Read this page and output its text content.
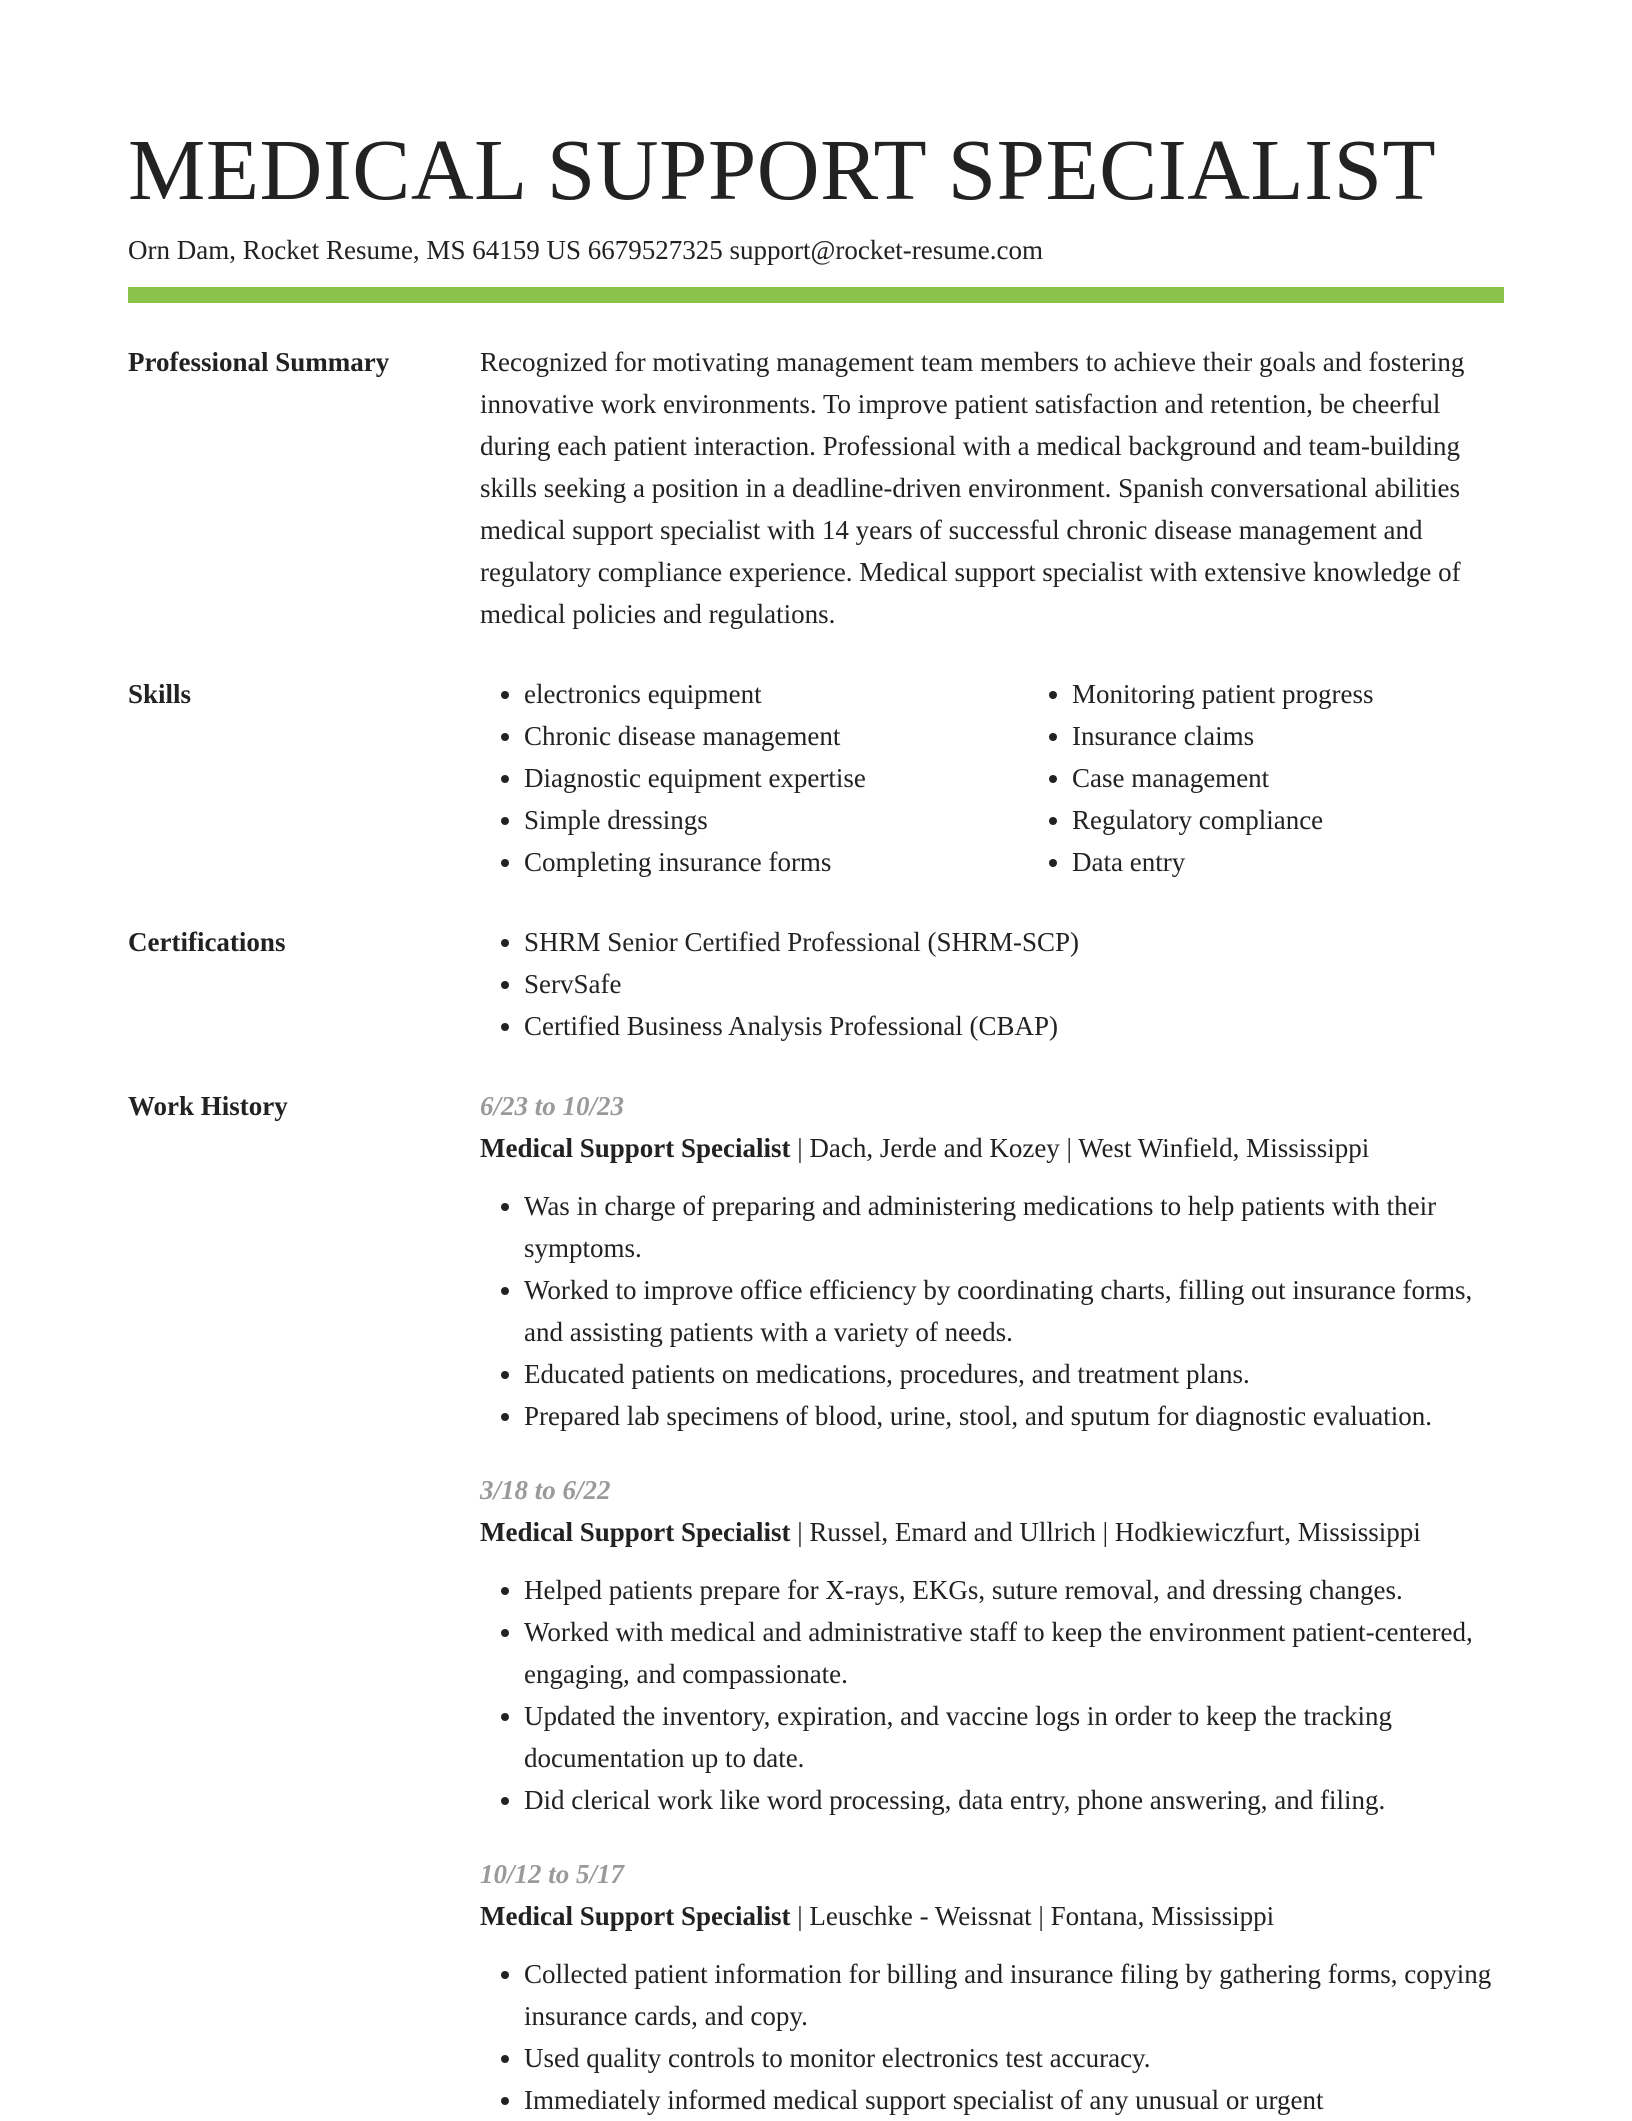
MEDICAL SUPPORT SPECIALIST
Orn Dam, Rocket Resume, MS 64159 US 6679527325 support@rocket-resume.com
Professional Summary	Recognized for motivating management team members to achieve their goals and fostering innovative work environments. To improve patient satisfaction and retention, be cheerful during each patient interaction. Professional with a medical background and team-building skills seeking a position in a deadline-driven environment. Spanish conversational abilities medical support specialist with 14 years of successful chronic disease management and regulatory compliance experience. Medical support specialist with extensive knowledge of medical policies and regulations.

Skills	• electronics equipment
• Chronic disease management
• Diagnostic equipment expertise
• Simple dressings
• Completing insurance forms
• Monitoring patient progress
• Insurance claims
• Case management
• Regulatory compliance
• Data entry
Certifications	• SHRM Senior Certified Professional (SHRM-SCP)
• ServSafe
• Certified Business Analysis Professional (CBAP)
Work History	6/23 to 10/23
Medical Support Specialist | Dach, Jerde and Kozey | West Winfield, Mississippi
• Was in charge of preparing and administering medications to help patients with their symptoms.
• Worked to improve office efficiency by coordinating charts, filling out insurance forms, and assisting patients with a variety of needs.
• Educated patients on medications, procedures, and treatment plans.
• Prepared lab specimens of blood, urine, stool, and sputum for diagnostic evaluation.
3/18 to 6/22
Medical Support Specialist | Russel, Emard and Ullrich | Hodkiewiczfurt, Mississippi
• Helped patients prepare for X-rays, EKGs, suture removal, and dressing changes.
• Worked with medical and administrative staff to keep the environment patient-centered, engaging, and compassionate.
• Updated the inventory, expiration, and vaccine logs in order to keep the tracking documentation up to date.
• Did clerical work like word processing, data entry, phone answering, and filing.
10/12 to 5/17
Medical Support Specialist | Leuschke - Weissnat | Fontana, Mississippi
• Collected patient information for billing and insurance filing by gathering forms, copying insurance cards, and copy.
• Used quality controls to monitor electronics test accuracy.
• Immediately informed medical support specialist of any unusual or urgent
